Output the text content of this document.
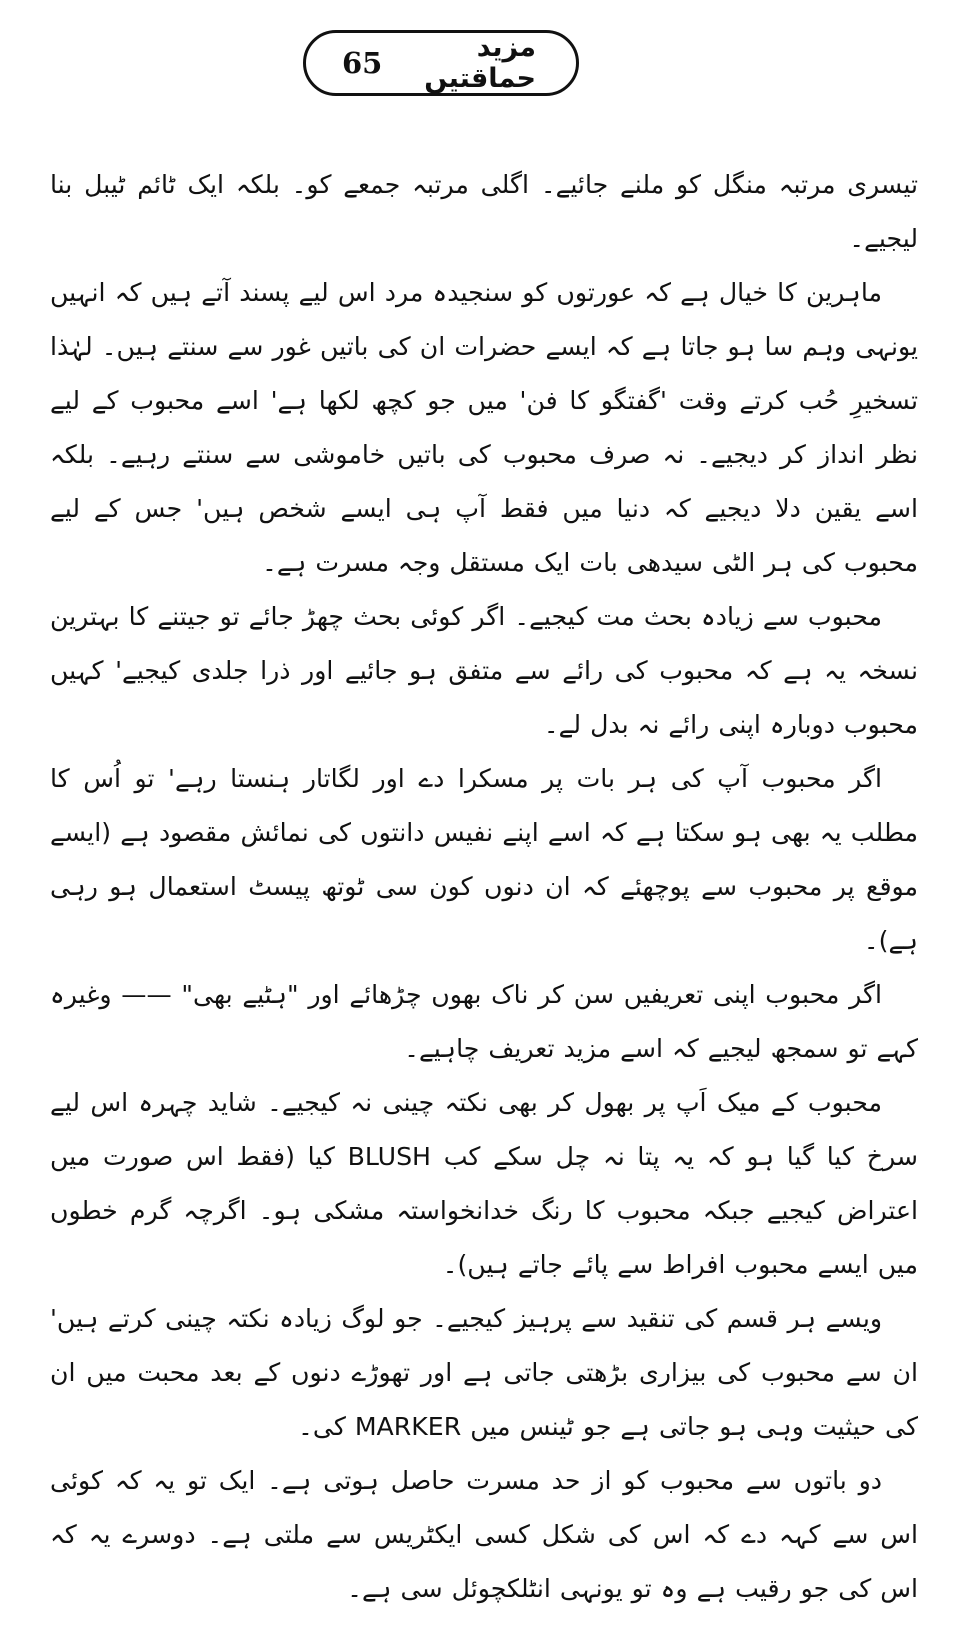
65	مزید حماقتیں

تیسری مرتبہ منگل کو ملنے جائیے۔ اگلی مرتبہ جمعے کو۔ بلکہ ایک ٹائم ٹیبل بنا لیجیے۔

ماہرین کا خیال ہے کہ عورتوں کو سنجیدہ مرد اس لیے پسند آتے ہیں کہ انہیں یونہی وہم سا ہو جاتا ہے کہ ایسے حضرات ان کی باتیں غور سے سنتے ہیں۔ لہٰذا تسخیرِ حُب کرتے وقت 'گفتگو کا فن' میں جو کچھ لکھا ہے' اسے محبوب کے لیے نظر انداز کر دیجیے۔ نہ صرف محبوب کی باتیں خاموشی سے سنتے رہیے۔ بلکہ اسے یقین دلا دیجیے کہ دنیا میں فقط آپ ہی ایسے شخص ہیں' جس کے لیے محبوب کی ہر الٹی سیدھی بات ایک مستقل وجہ مسرت ہے۔

محبوب سے زیادہ بحث مت کیجیے۔ اگر کوئی بحث چھڑ جائے تو جیتنے کا بہترین نسخہ یہ ہے کہ محبوب کی رائے سے متفق ہو جائیے اور ذرا جلدی کیجیے' کہیں محبوب دوبارہ اپنی رائے نہ بدل لے۔

اگر محبوب آپ کی ہر بات پر مسکرا دے اور لگاتار ہنستا رہے' تو اُس کا مطلب یہ بھی ہو سکتا ہے کہ اسے اپنے نفیس دانتوں کی نمائش مقصود ہے (ایسے موقع پر محبوب سے پوچھئے کہ ان دنوں کون سی ٹوتھ پیسٹ استعمال ہو رہی ہے)۔

اگر محبوب اپنی تعریفیں سن کر ناک بھوں چڑھائے اور "ہٹیے بھی" —— وغیرہ کہے تو سمجھ لیجیے کہ اسے مزید تعریف چاہیے۔

محبوب کے میک اَپ پر بھول کر بھی نکتہ چینی نہ کیجیے۔ شاید چہرہ اس لیے سرخ کیا گیا ہو کہ یہ پتا نہ چل سکے کب BLUSH کیا (فقط اس صورت میں اعتراض کیجیے جبکہ محبوب کا رنگ خدانخواستہ مشکی ہو۔ اگرچہ گرم خطوں میں ایسے محبوب افراط سے پائے جاتے ہیں)۔

ویسے ہر قسم کی تنقید سے پرہیز کیجیے۔ جو لوگ زیادہ نکتہ چینی کرتے ہیں' ان سے محبوب کی بیزاری بڑھتی جاتی ہے اور تھوڑے دنوں کے بعد محبت میں ان کی حیثیت وہی ہو جاتی ہے جو ٹینس میں MARKER کی۔

دو باتوں سے محبوب کو از حد مسرت حاصل ہوتی ہے۔ ایک تو یہ کہ کوئی اس سے کہہ دے کہ اس کی شکل کسی ایکٹریس سے ملتی ہے۔ دوسرے یہ کہ اس کی جو رقیب ہے وہ تو یونہی انٹلکچوئل سی ہے۔
